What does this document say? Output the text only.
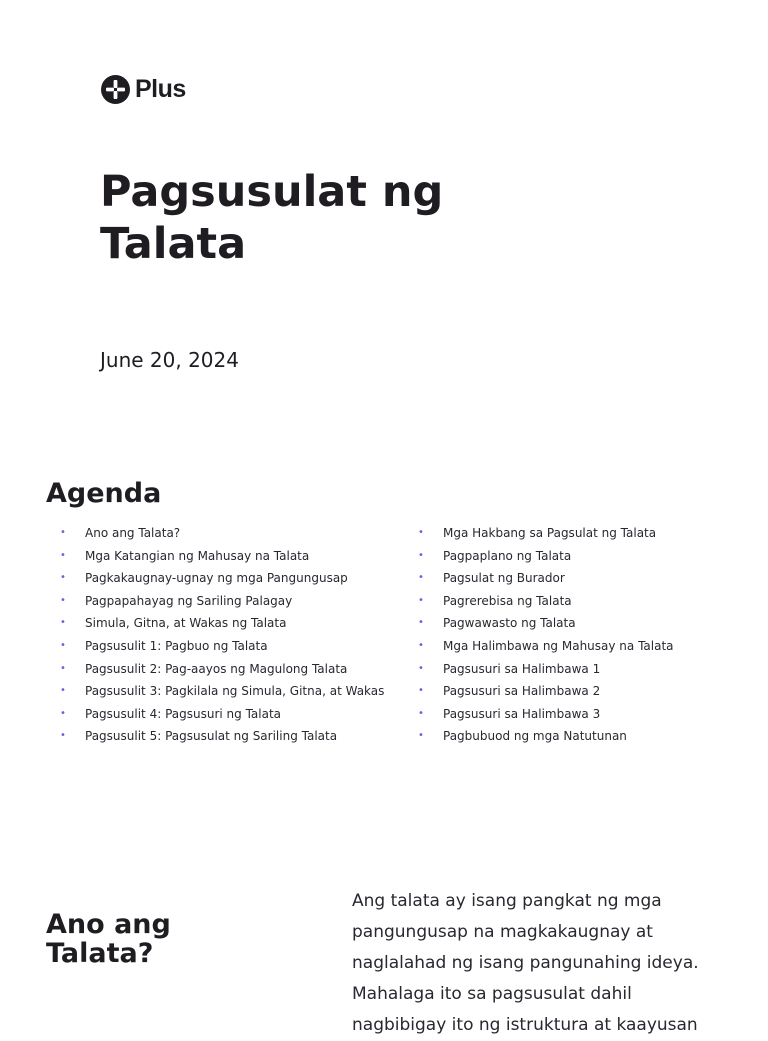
Plus
Pagsusulat ng
Talata
June 20, 2024
Agenda
• Ano ang Talata?
• Mga Katangian ng Mahusay na Talata
• Pagkakaugnay-ugnay ng mga Pangungusap
• Pagpapahayag ng Sariling Palagay
• Simula, Gitna, at Wakas ng Talata
• Pagsusulit 1: Pagbuo ng Talata
• Pagsusulit 2: Pag-aayos ng Magulong Talata
• Pagsusulit 3: Pagkilala ng Simula, Gitna, at Wakas
• Pagsusulit 4: Pagsusuri ng Talata
• Pagsusulit 5: Pagsusulat ng Sariling Talata
• Mga Hakbang sa Pagsulat ng Talata
• Pagpaplano ng Talata
• Pagsulat ng Burador
• Pagrerebisa ng Talata
• Pagwawasto ng Talata
• Mga Halimbawa ng Mahusay na Talata
• Pagsusuri sa Halimbawa 1
• Pagsusuri sa Halimbawa 2
• Pagsusuri sa Halimbawa 3
• Pagbubuod ng mga Natutunan
Ano ang
Talata?

Ang talata ay isang pangkat ng mga pangungusap na magkakaugnay at naglalahad ng isang pangunahing ideya. Mahalaga ito sa pagsusulat dahil nagbibigay ito ng istruktura at kaayusan
